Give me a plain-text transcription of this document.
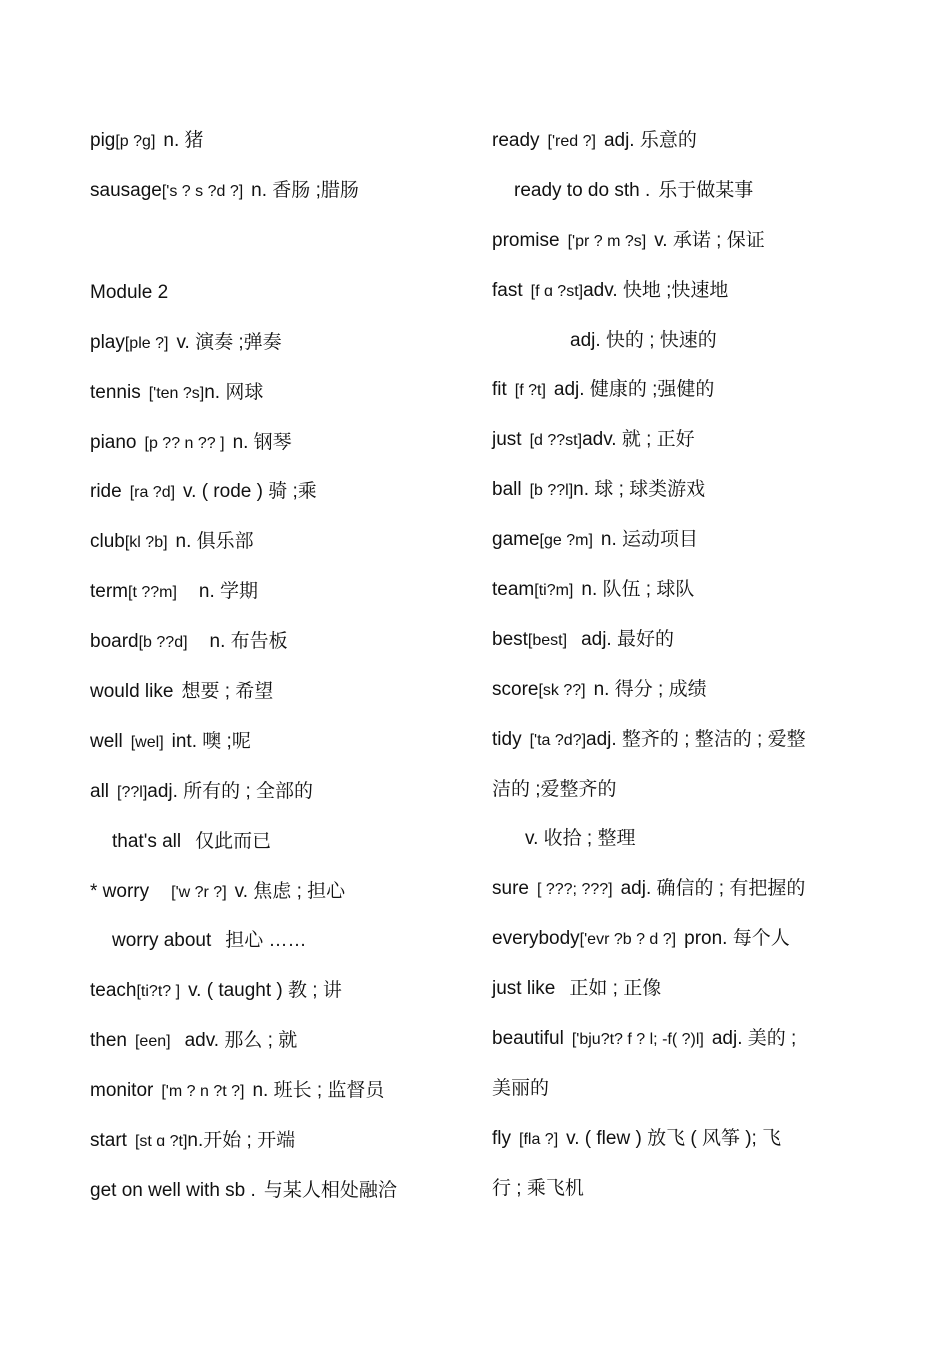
pig[p ?g] n. 猪
sausage['s ? s ?d ?] n. 香肠 ;腊肠
Module 2
play[ple ?] v. 演奏 ;弹奏
tennis ['ten ?s]n. 网球
piano [p ?? n ?? ] n. 钢琴
ride [ra ?d] v. ( rode ) 骑 ;乘
club[kl ?b] n. 俱乐部
term[t ??m] n. 学期
board[b ??d] n. 布告板
would like 想要 ; 希望
well [wel] int. 噢 ;呢
all [??l]adj. 所有的 ; 全部的
that's all 仅此而已
* worry ['w ?r ?] v. 焦虑 ; 担心
worry about 担心 ……
teach[ti?t? ] v. ( taught ) 教 ; 讲
then [een] adv. 那么 ; 就
monitor ['m ? n ?t ?] n. 班长 ; 监督员
start [st ɑ ?t]n.开始 ; 开端
get on well with sb . 与某人相处融洽
ready ['red ?] adj. 乐意的
ready to do sth . 乐于做某事
promise ['pr ? m ?s] v. 承诺 ; 保证
fast [f ɑ ?st]adv. 快地 ;快速地
adj. 快的 ; 快速的
fit [f ?t] adj. 健康的 ;强健的
just [d ??st]adv. 就 ; 正好
ball [b ??l]n. 球 ; 球类游戏
game[ge ?m] n. 运动项目
team[ti?m] n. 队伍 ; 球队
best[best] adj. 最好的
score[sk ??] n. 得分 ; 成绩
tidy ['ta ?d?]adj. 整齐的 ; 整洁的 ; 爱整
洁的 ;爱整齐的
v. 收拾 ; 整理
sure [ ???; ???] adj. 确信的 ; 有把握的
everybody['evr ?b ? d ?] pron. 每个人
just like 正如 ; 正像
beautiful ['bju?t? f ? l; -f( ?)l] adj. 美的 ;
美丽的
fly [fla ?] v. ( flew ) 放飞 ( 风筝 ); 飞
行 ; 乘飞机
